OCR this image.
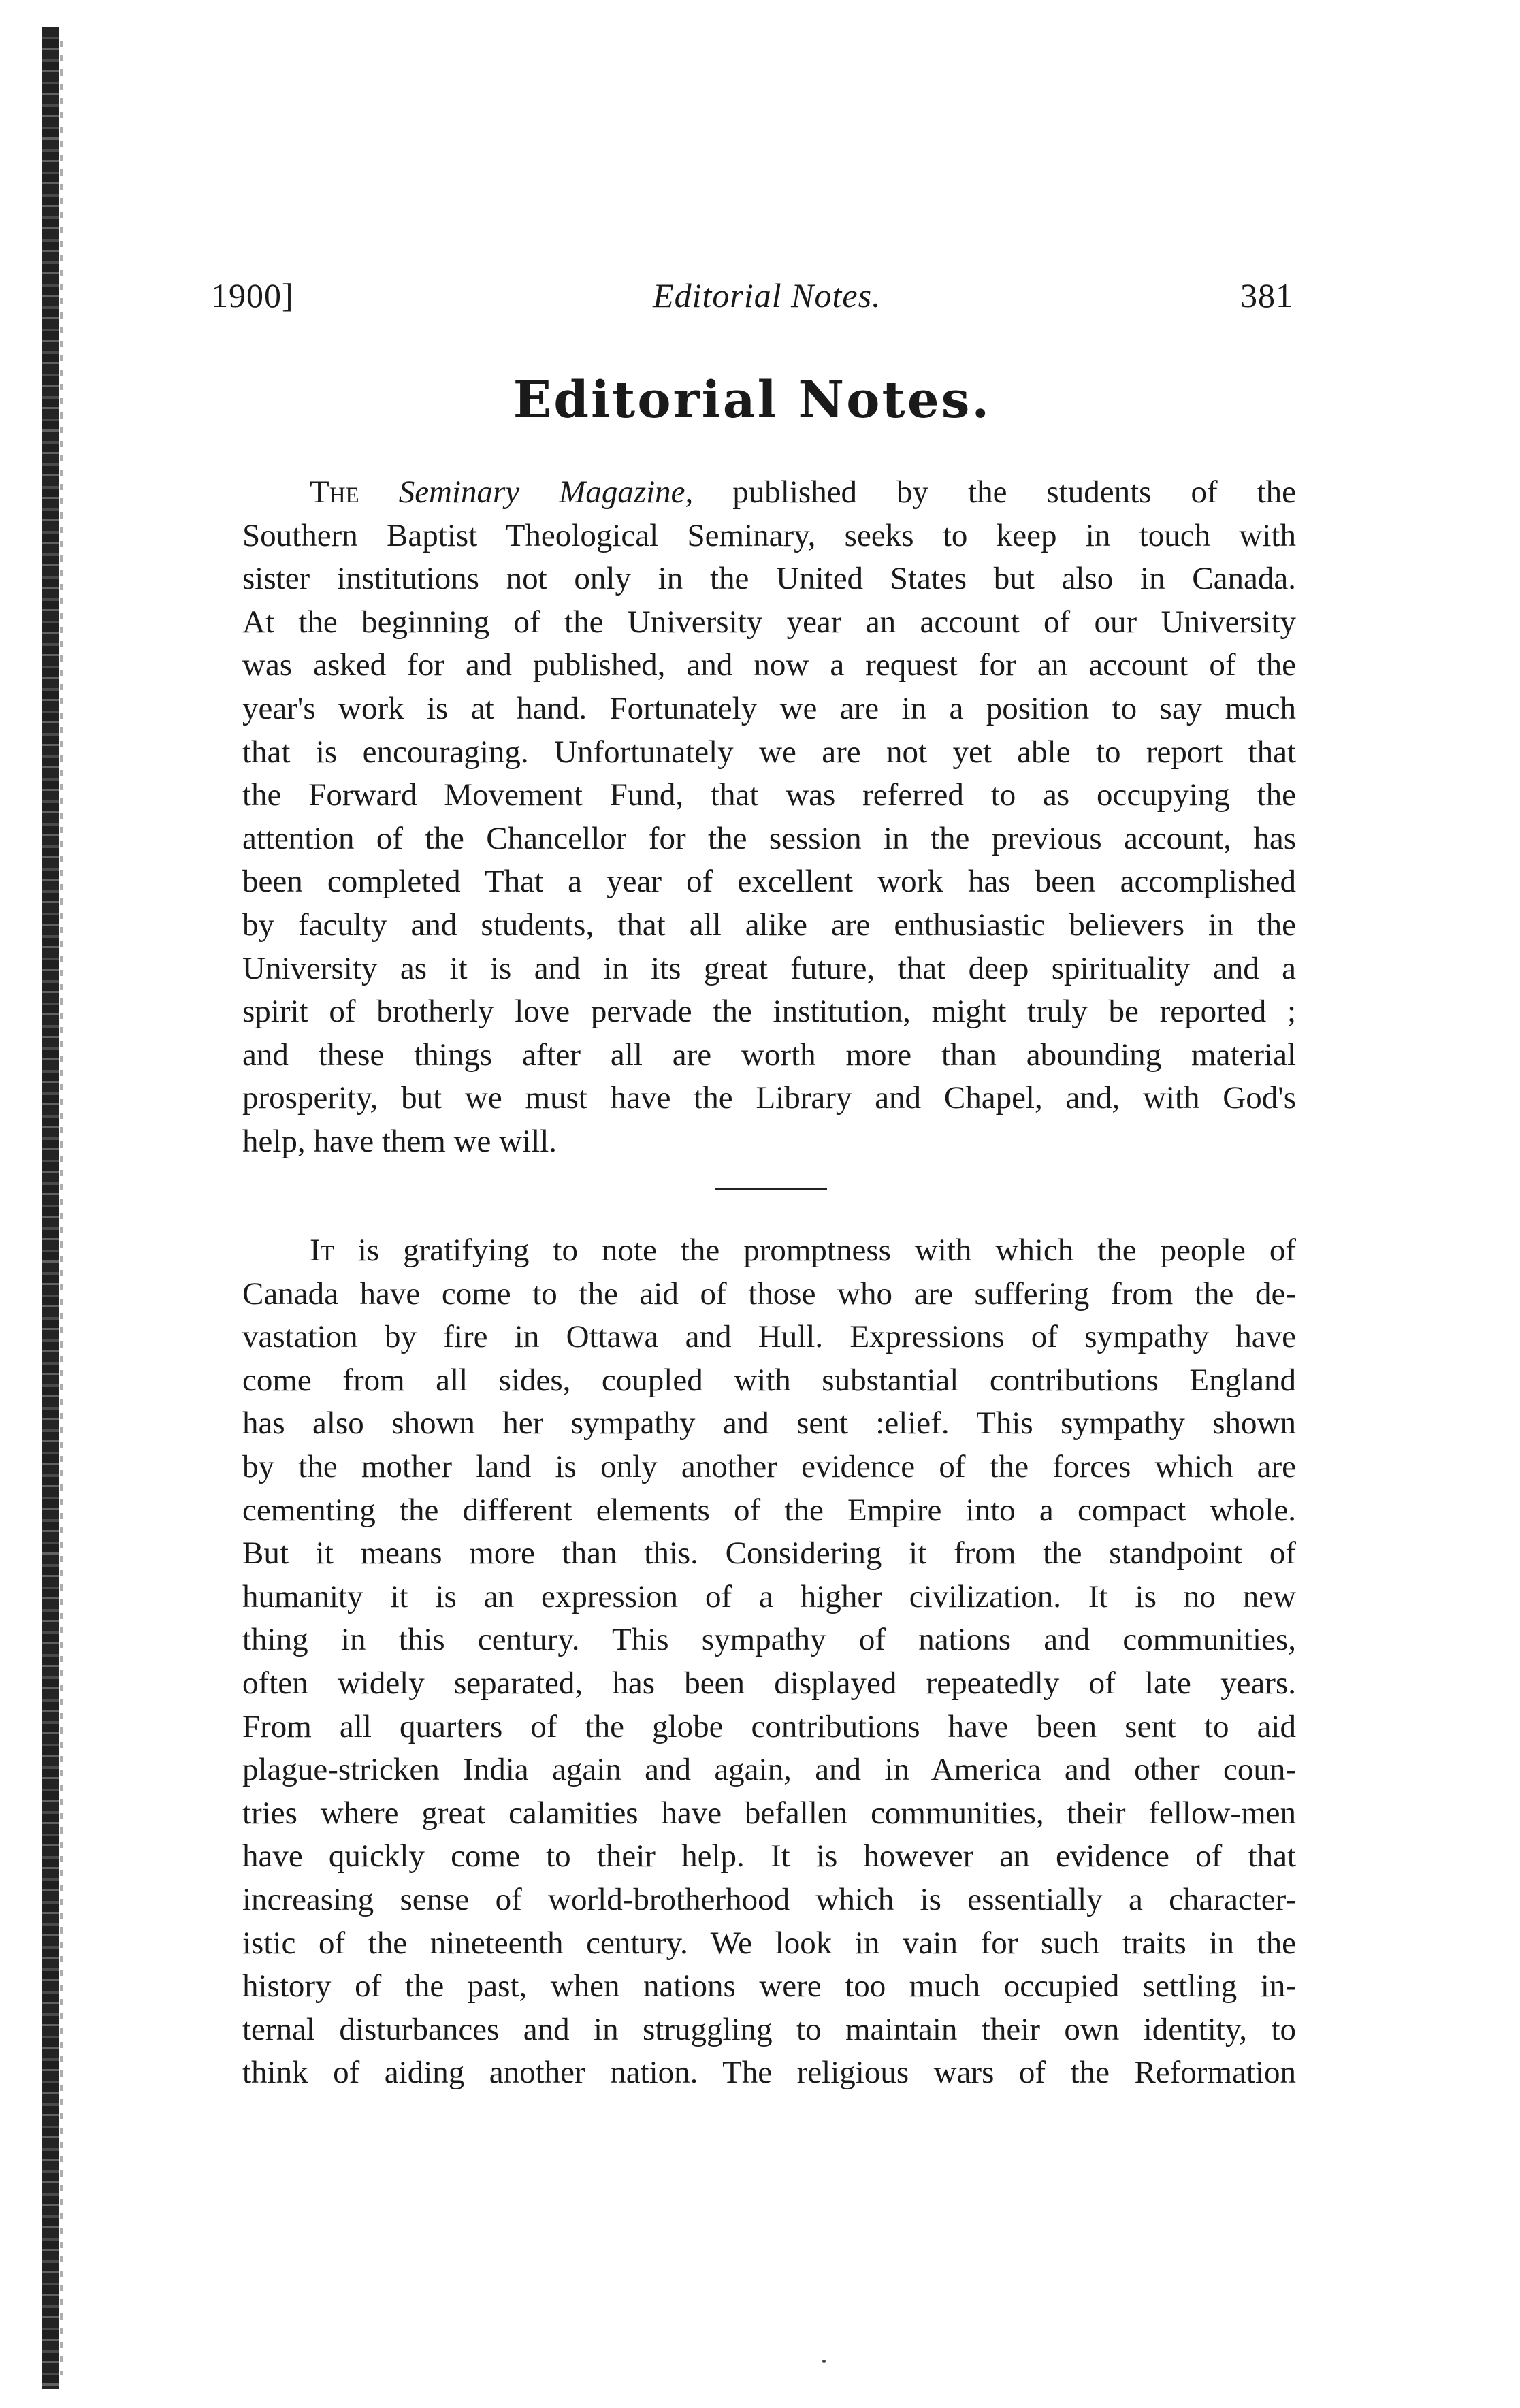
1900]	Editorial Notes.	381
Editorial Notes.
The Seminary Magazine, published by the students of the
Southern Baptist Theological Seminary, seeks to keep in touch with
sister institutions not only in the United States but also in Canada.
At the beginning of the University year an account of our University
was asked for and published, and now a request for an account of the
year's work is at hand. Fortunately we are in a position to say much
that is encouraging. Unfortunately we are not yet able to report that
the Forward Movement Fund, that was referred to as occupying the
attention of the Chancellor for the session in the previous account, has
been completed That a year of excellent work has been accomplished
by faculty and students, that all alike are enthusiastic believers in the
University as it is and in its great future, that deep spirituality and a
spirit of brotherly love pervade the institution, might truly be reported ;
and these things after all are worth more than abounding material
prosperity, but we must have the Library and Chapel, and, with God's
help, have them we will.
It is gratifying to note the promptness with which the people of
Canada have come to the aid of those who are suffering from the de-
vastation by fire in Ottawa and Hull. Expressions of sympathy have
come from all sides, coupled with substantial contributions England
has also shown her sympathy and sent :elief. This sympathy shown
by the mother land is only another evidence of the forces which are
cementing the different elements of the Empire into a compact whole.
But it means more than this. Considering it from the standpoint of
humanity it is an expression of a higher civilization. It is no new
thing in this century. This sympathy of nations and communities,
often widely separated, has been displayed repeatedly of late years.
From all quarters of the globe contributions have been sent to aid
plague-stricken India again and again, and in America and other coun-
tries where great calamities have befallen communities, their fellow-men
have quickly come to their help. It is however an evidence of that
increasing sense of world-brotherhood which is essentially a character-
istic of the nineteenth century. We look in vain for such traits in the
history of the past, when nations were too much occupied settling in-
ternal disturbances and in struggling to maintain their own identity, to
think of aiding another nation. The religious wars of the Reformation
